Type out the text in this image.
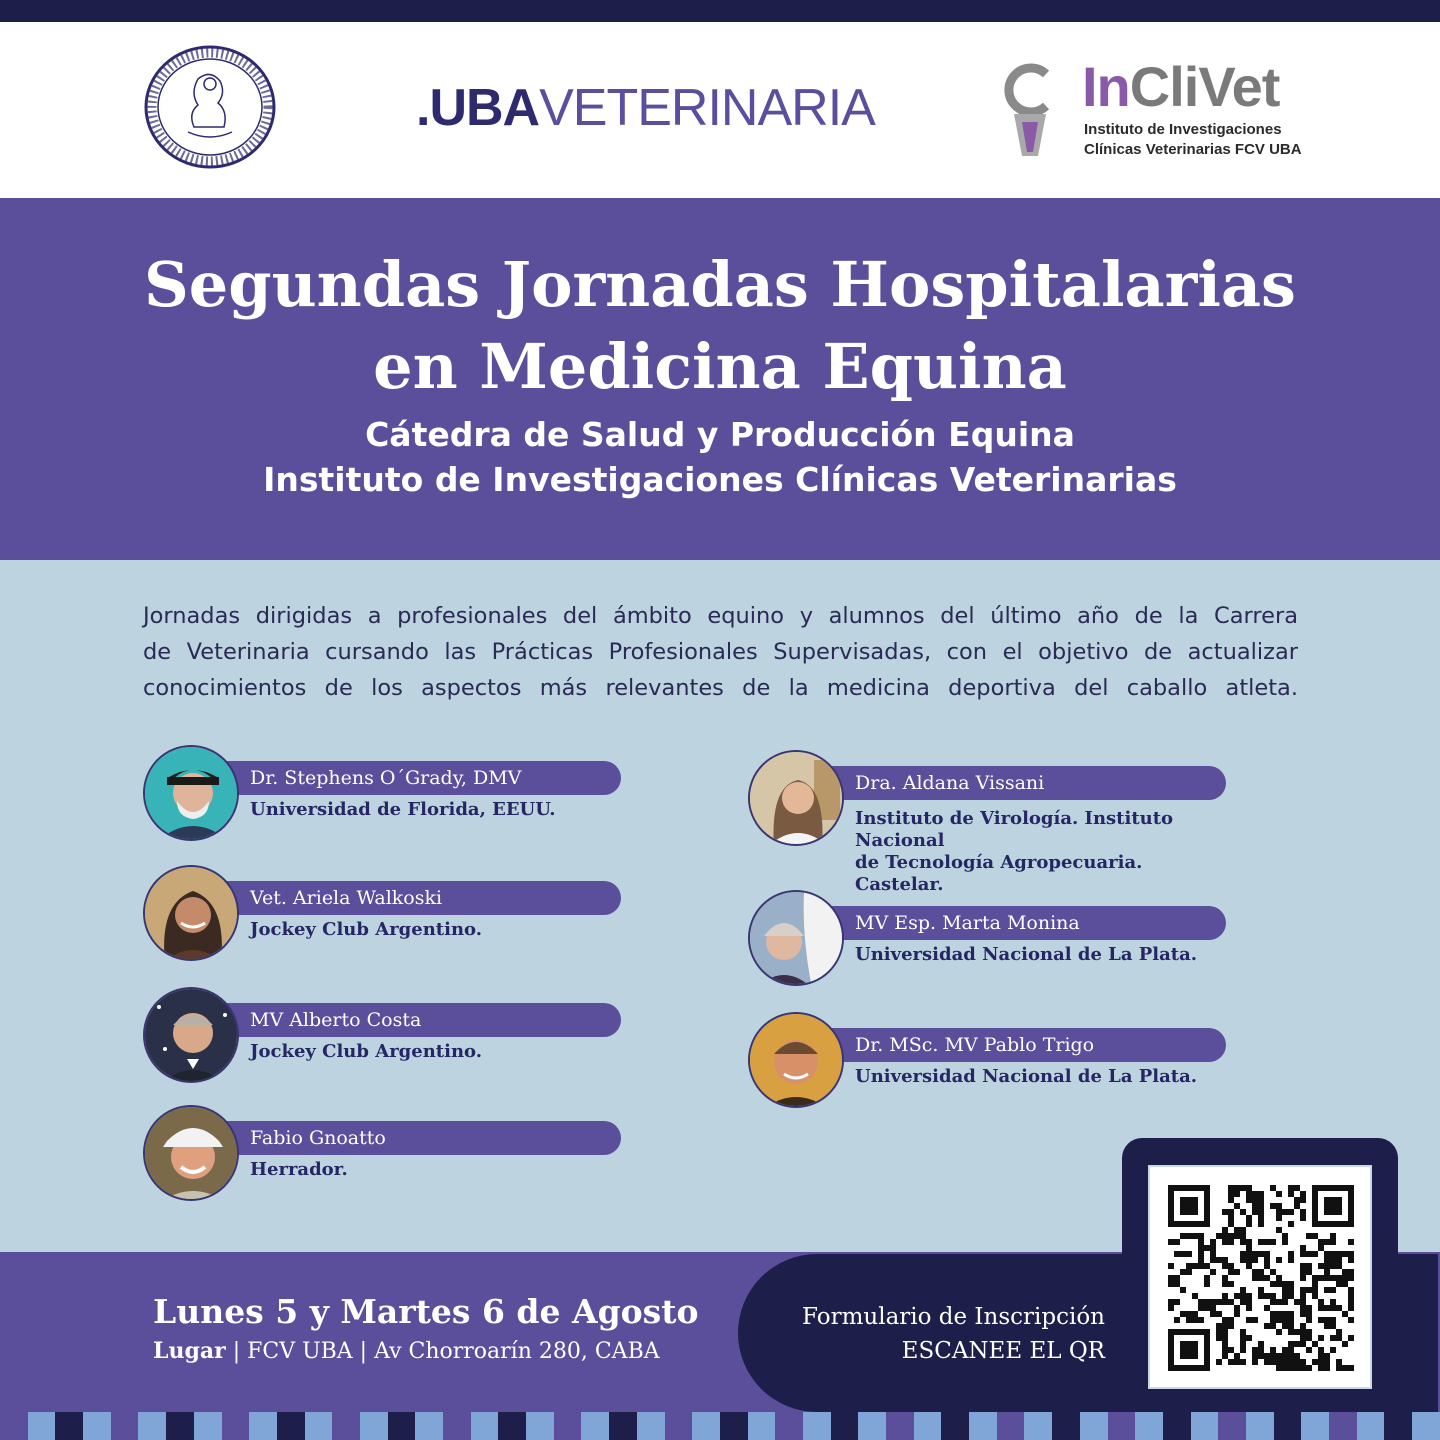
.UBAVETERINARIA	InCliVet
Instituto de Investigaciones
Clínicas Veterinarias FCV UBA
Segundas Jornadas Hospitalarias
en Medicina Equina
Cátedra de Salud y Producción Equina
Instituto de Investigaciones Clínicas Veterinarias
Jornadas dirigidas a profesionales del ámbito equino y alumnos del último año de la Carrera
de Veterinaria cursando las Prácticas Profesionales Supervisadas, con el objetivo de actualizar
conocimientos de los aspectos más relevantes de la medicina deportiva del caballo atleta.
Dr. Stephens O´Grady, DMV
Universidad de Florida, EEUU.
Vet. Ariela Walkoski
Jockey Club Argentino.
MV Alberto Costa
Jockey Club Argentino.
Fabio Gnoatto
Herrador.
Dra. Aldana Vissani
Instituto de Virología. Instituto Nacional
de Tecnología Agropecuaria. Castelar.
MV Esp. Marta Monina
Universidad Nacional de La Plata.
Dr. MSc. MV Pablo Trigo
Universidad Nacional de La Plata.
Lunes 5 y Martes 6 de Agosto
Lugar | FCV UBA | Av Chorroarín 280, CABA
Formulario de Inscripción
ESCANEE EL QR
